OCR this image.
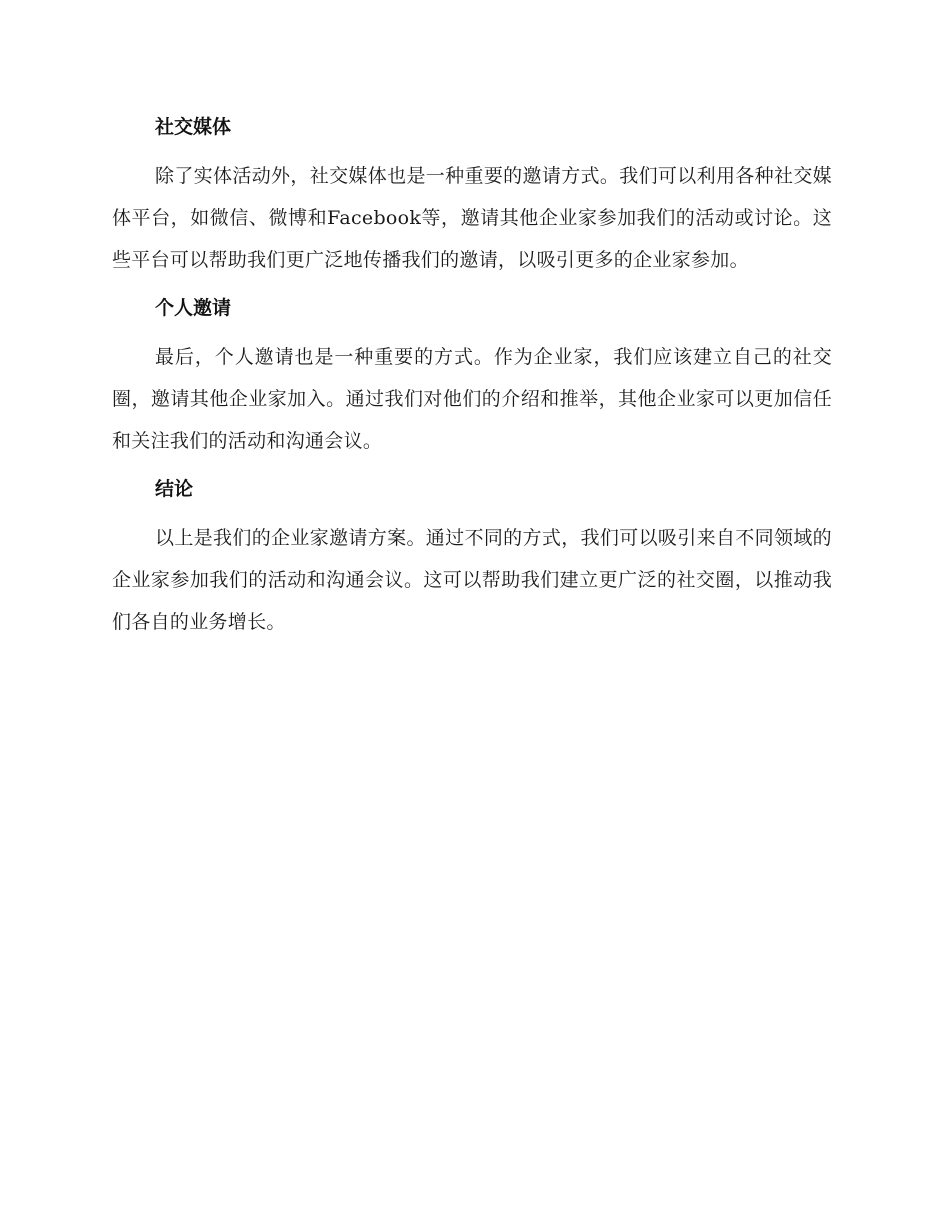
社交媒体

除了实体活动外，社交媒体也是一种重要的邀请方式。我们可以利用各种社交媒体平台，如微信、微博和Facebook等，邀请其他企业家参加我们的活动或讨论。这些平台可以帮助我们更广泛地传播我们的邀请，以吸引更多的企业家参加。

个人邀请

最后，个人邀请也是一种重要的方式。作为企业家，我们应该建立自己的社交圈，邀请其他企业家加入。通过我们对他们的介绍和推举，其他企业家可以更加信任和关注我们的活动和沟通会议。

结论

以上是我们的企业家邀请方案。通过不同的方式，我们可以吸引来自不同领域的企业家参加我们的活动和沟通会议。这可以帮助我们建立更广泛的社交圈，以推动我们各自的业务增长。
